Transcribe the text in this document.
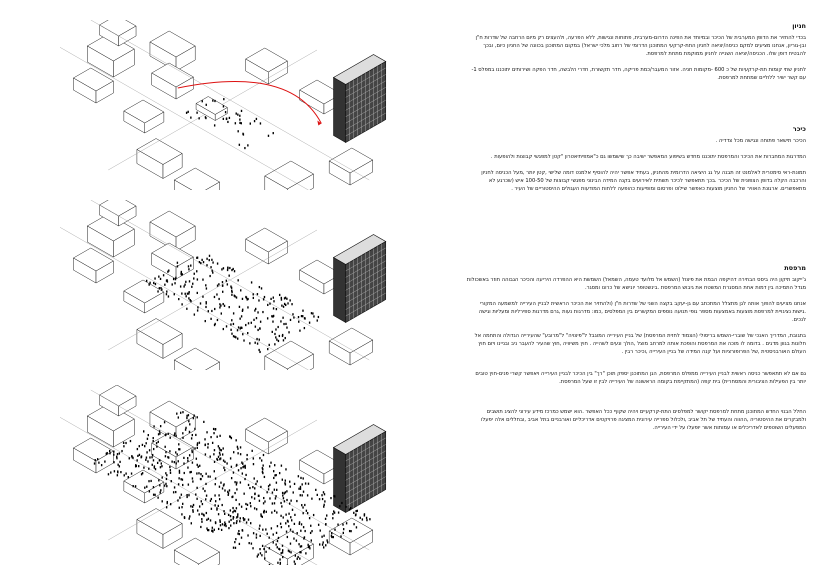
חניון

בכדי להחזיר את הדופן המערבית של הכיכר ובמיוחד את הפינה הדרום-מערבית, פתוחות ונגישות, ללא הפרעה, ולהעצים רק מיום הרחבה של שדרות ח"ן ובן-גוריון, אנחנו מציעים למקם כניסה/יציאה לחניון התת-קרקעי המתוכנן הדרומי של רחוב מלכי ישראל) במקום המתוכנן בכוונה של החניון כיום, ובכך להבטיח דופן שלו. הכניסה/יציאה השנייה לחניון ממוקמת מתחת למרפסת.

לחניון שתי קומות תת-קרקעיות של כ 600 -מקומות חניה. אזור המעבר/כמת פריקה, חדר תקשורת, חדרי הלבשה, חדר הפקה ושירותים יתוכננו במפלס 1- עם קשר ישיר ללוליים שמתחת למרפסת.

כיכר

הכיכר תישאר פתוחה ונגישה מכל צדדיה .

המדרגות המחברות את הכיכר והמרפסת יתוכננו מחדש בשיפוע המאפשר ישיבה כך שישמשו גם כ"אמפיתיאטרון "קטן למפגשי קבוצות ולהופעות .

תמונת-ראי סימטרית לאלמנט זה תבנה על גג היציאה הדרומית מהחניון, בעתיד אפשר יהיה להוסיף אלמנט דומה שלישי ,קטן יותר ,מעל הכניסה לחניון והרכבה הקלה בדופן הצפונית של הכיכר .בכך תתאפשר לכיכר תשתית לאירועים בקנה המידה הבינוני מפגשי קבוצות של 100-50 איש (שכרגע לא מתאפשרים. ארגונת האוויר של החניון מוצעות כאפשר שילוט ופרסום ומופיעות כהופעה ללחות המודעות העגולים ההיסטוריים של העיר .

מרפסת

ג'ייקוב תיקון היה ביסס הבחירה דהיקפה הבמת את פיצול (השמש אל מלועד טעמה, השמאל) השמשת היא ההפרדה היריעה והכיכר הגבוהה חוזר באשכולות מגדל התמיכה בין דמות אחת המסגרת המשטח את גיבוש המרפסת .בינשטופר יונישא של כרונו ומסגר.

אנחנו מציעים להפוך אותה לגן מתצלל המתכתב עם גן-יעקב בקצה השני של שדרות ח"ן (ולהחזיר את הכיכר הראשית לבניין העירייה למשמעה המקורי .גישות נציגויית למרפסת מוצעות באמצעות מספר גופי תנועה נוספים המקשרים בין המפלסים ,כמו: מדרגות נעות ,גרם מדרגות ספירליות ומעליות וגישה לנכים.

בתגובת, המדריך האנכי של שוברי-השמש בריסולי (הצמוד לחזית המרפסת) של בניין העירייה המוגבל ל"פיצויה" ל"מרובע" שהעירייה הגדולה והתחמה אל חלונות בגוון מדגים . בדומה לו מוכה את המרפסת והופכת אותה למרחב מוצל ,הולך ונעים לשהייה . חוץ משיוויה ,חוץ שהעיר להעבר ניב ובניינו ויזם חוץ העולם האורבניסטית ,של הפרופורציות ועל קנה המידה של בניין העירייה ,וכיכר רבין .

גם אם לא תתאפשר כניסה ראשית לבניין העירייה ממפלס המרפסת, הגן המתוכנן יספק תוכן "רך" בין הכיכר לבניין העירייה ויאפשר קשרי פנים-חוץ טובים יותר בין הפעילות הציבורית והמסחרית) בית קפה (המתקיימת בקומה הראשונה של העירייה לבין זו שעל המרפסת.

החלל הבנוי החדש המתוכנן מתחת למרפסת יקושר למפלסים התת-קרקעיים ויהיה שקוף ככל האפשר .הוא ישמש כמרכז מידע עירוני להציג תושבים ולמבקרים את ההיסטוריה ,ההווה והעתיד של תל אביב ,ולכלול ספרייה עירונית המציגה פרויקטים אדריכליים ואורבניים בתל אביב ,ובחללים אלה יפעלו המפעלים השוטפים לאדריכלים או עמותות אשר יופעלו על ידי העירייה.
